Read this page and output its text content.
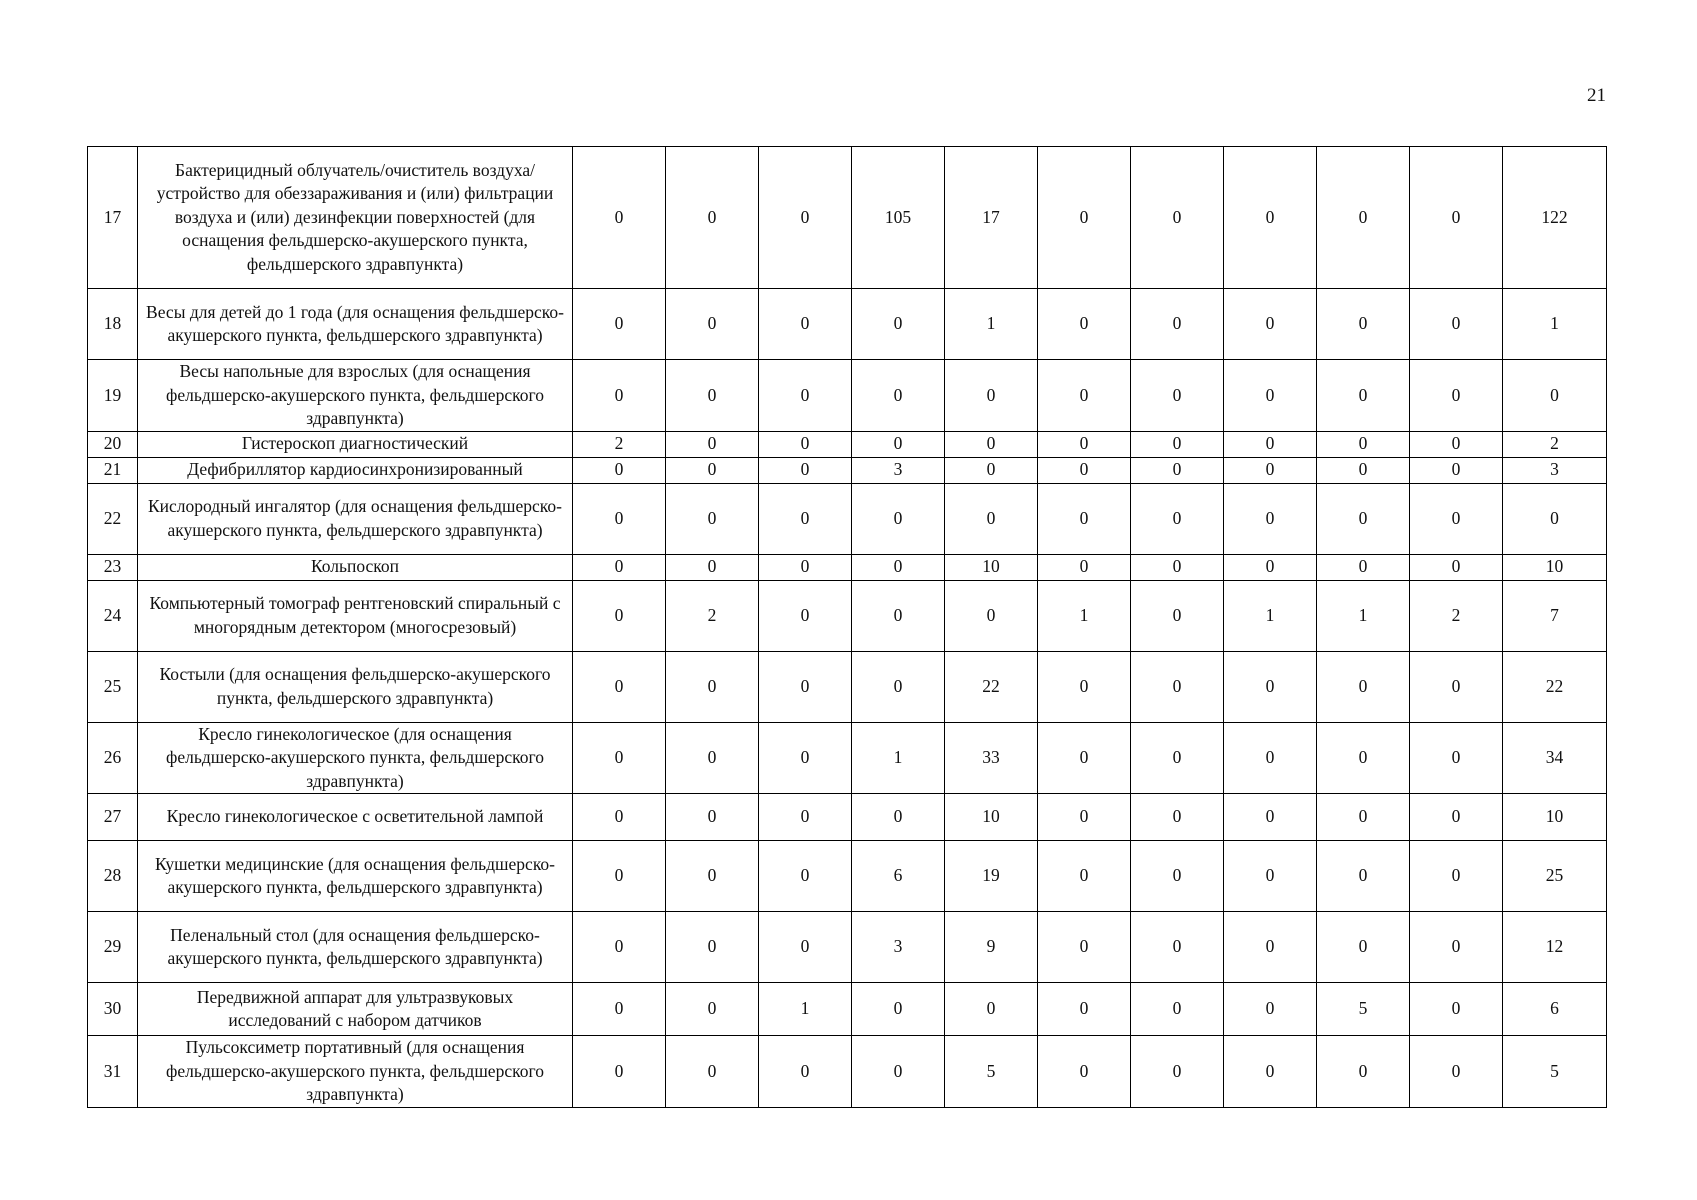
21
17	Бактерицидный облучатель/очиститель воздуха/устройство для обеззараживания и (или) фильтрации воздуха и (или) дезинфекции поверхностей (для оснащения фельдшерско-акушерского пункта, фельдшерского здравпункта)	0	0	0	105	17	0	0	0	0	0	122
18	Весы для детей до 1 года (для оснащения фельдшерско-акушерского пункта, фельдшерского здравпункта)	0	0	0	0	1	0	0	0	0	0	1
19	Весы напольные для взрослых (для оснащения фельдшерско-акушерского пункта, фельдшерского здравпункта)	0	0	0	0	0	0	0	0	0	0	0
20	Гистероскоп диагностический	2	0	0	0	0	0	0	0	0	0	2
21	Дефибриллятор кардиосинхронизированный	0	0	0	3	0	0	0	0	0	0	3
22	Кислородный ингалятор (для оснащения фельдшерско-акушерского пункта, фельдшерского здравпункта)	0	0	0	0	0	0	0	0	0	0	0
23	Кольпоскоп	0	0	0	0	10	0	0	0	0	0	10
24	Компьютерный томограф рентгеновский спиральный с многорядным детектором (многосрезовый)	0	2	0	0	0	1	0	1	1	2	7
25	Костыли (для оснащения фельдшерско-акушерского пункта, фельдшерского здравпункта)	0	0	0	0	22	0	0	0	0	0	22
26	Кресло гинекологическое (для оснащения фельдшерско-акушерского пункта, фельдшерского здравпункта)	0	0	0	1	33	0	0	0	0	0	34
27	Кресло гинекологическое с осветительной лампой	0	0	0	0	10	0	0	0	0	0	10
28	Кушетки медицинские (для оснащения фельдшерско-акушерского пункта, фельдшерского здравпункта)	0	0	0	6	19	0	0	0	0	0	25
29	Пеленальный стол (для оснащения фельдшерско-акушерского пункта, фельдшерского здравпункта)	0	0	0	3	9	0	0	0	0	0	12
30	Передвижной аппарат для ультразвуковых исследований с набором датчиков	0	0	1	0	0	0	0	0	5	0	6
31	Пульсоксиметр портативный (для оснащения фельдшерско-акушерского пункта, фельдшерского здравпункта)	0	0	0	0	5	0	0	0	0	0	5
